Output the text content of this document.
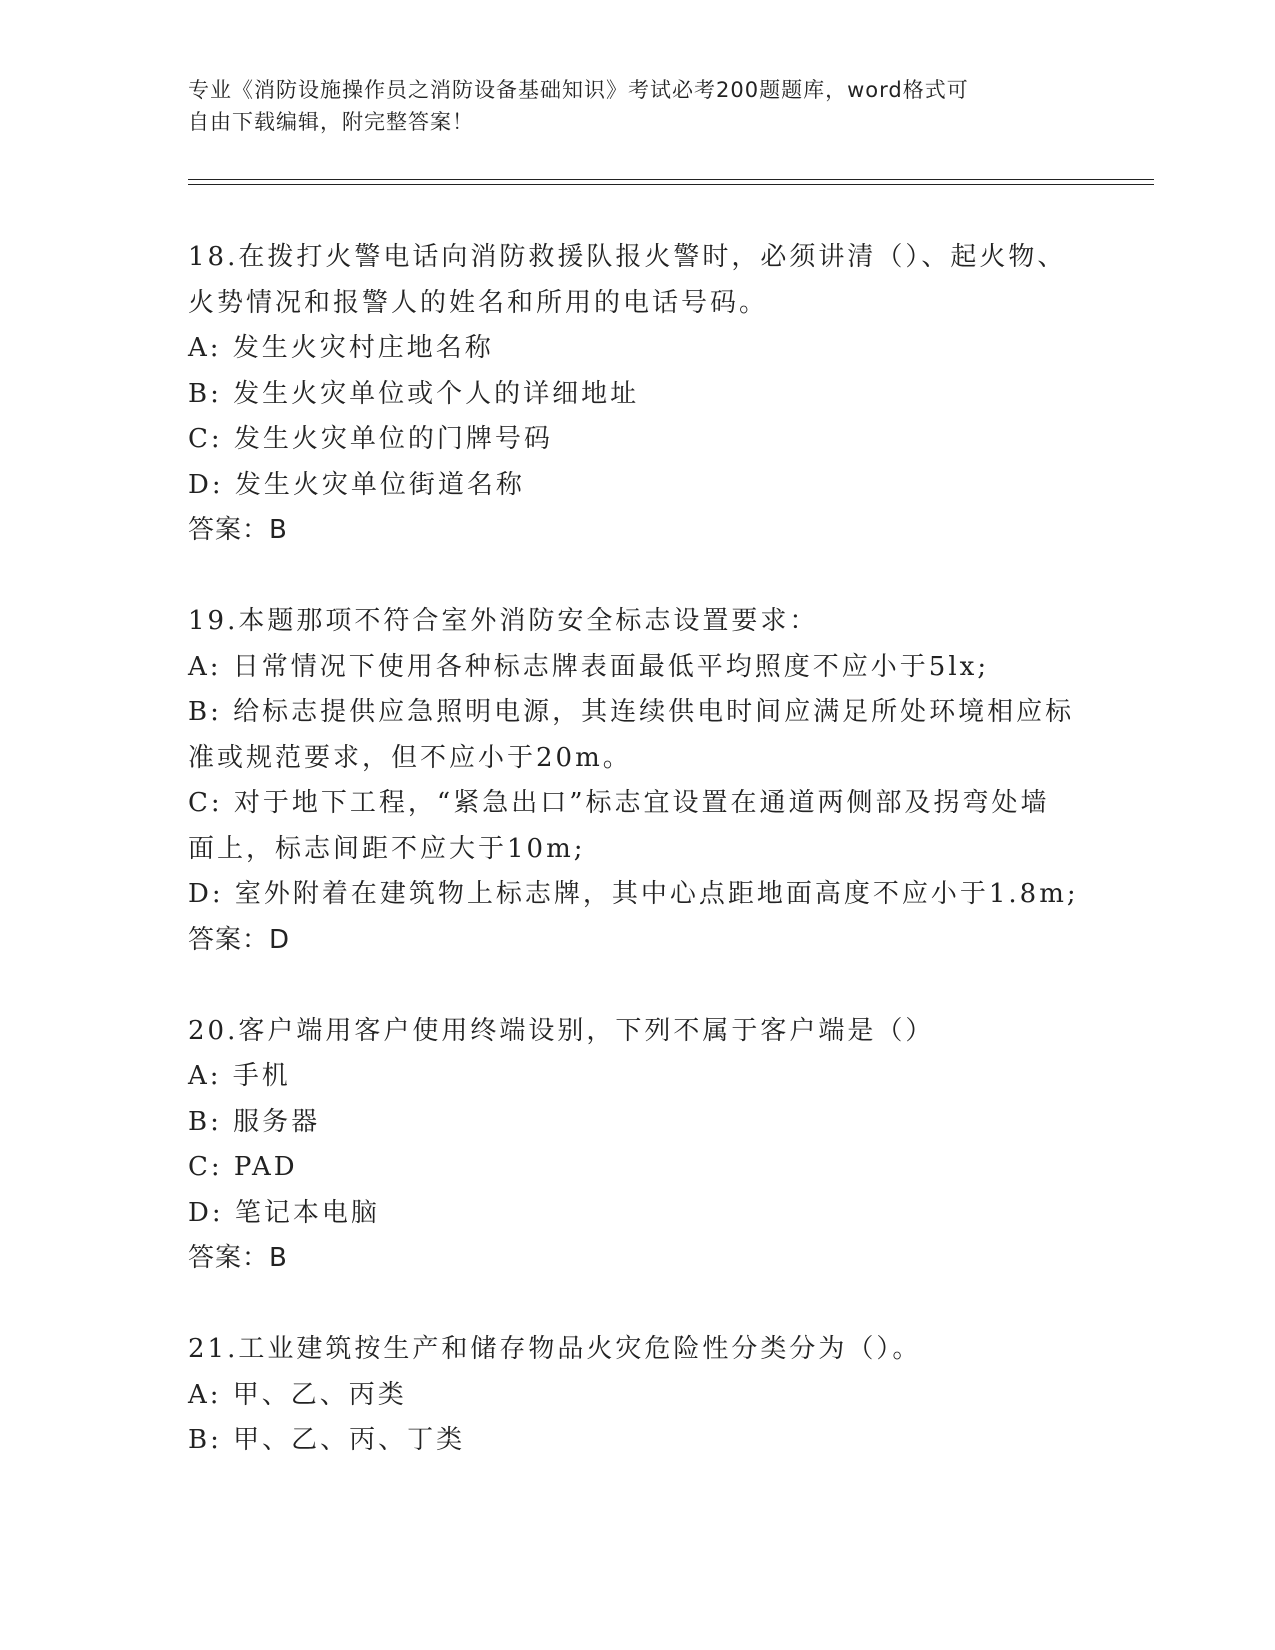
专业《消防设施操作员之消防设备基础知识》考试必考200题题库，word格式可
自由下载编辑，附完整答案！
18.在拨打火警电话向消防救援队报火警时，必须讲清（）、起火物、
火势情况和报警人的姓名和所用的电话号码。
A: 发生火灾村庄地名称
B: 发生火灾单位或个人的详细地址
C: 发生火灾单位的门牌号码
D: 发生火灾单位街道名称
答案：B
19.本题那项不符合室外消防安全标志设置要求：
A: 日常情况下使用各种标志牌表面最低平均照度不应小于5lx;
B: 给标志提供应急照明电源，其连续供电时间应满足所处环境相应标
准或规范要求，但不应小于20m。
C: 对于地下工程，“紧急出口”标志宜设置在通道两侧部及拐弯处墙
面上，标志间距不应大于10m;
D: 室外附着在建筑物上标志牌，其中心点距地面高度不应小于1.8m;
答案：D
20.客户端用客户使用终端设别，下列不属于客户端是（）
A: 手机
B: 服务器
C: PAD
D: 笔记本电脑
答案：B
21.工业建筑按生产和储存物品火灾危险性分类分为（）。
A: 甲、乙、丙类
B: 甲、乙、丙、丁类
